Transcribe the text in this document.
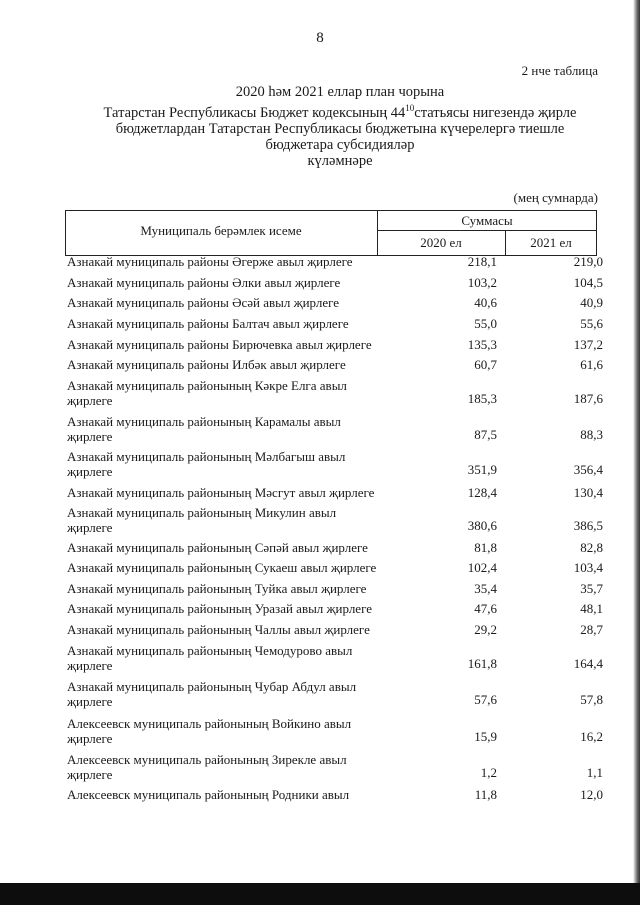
8
2 нче таблица
2020 һәм 2021 еллар план чорына
Татарстан Республикасы Бюджет кодексының $44^{10}статьясы$ нигезендә җирле
бюджетлардан Татарстан Республикасы бюджетына күчерелергә тиешле
бюджетара субсидияләр
күләмнәре
(мең сумнарда)
Муниципаль берәмлек исеме
Суммасы
2020 ел	2021 ел
Азнакай муниципаль районы Әгерже авыл җирлеге	218,1	219,0
Азнакай муниципаль районы Әлки авыл җирлеге	103,2	104,5
Азнакай муниципаль районы Әсәй авыл җирлеге	40,6	40,9
Азнакай муниципаль районы Балтач авыл җирлеге	55,0	55,6
Азнакай муниципаль районы Бирючевка авыл җирлеге	135,3	137,2
Азнакай муниципаль районы Илбәк авыл җирлеге	60,7	61,6
Азнакай муниципаль районының Кәкре Елга авыл
җирлеге	185,3	187,6
Азнакай муниципаль районының Карамалы авыл
җирлеге	87,5	88,3
Азнакай муниципаль районының Мәлбагыш авыл
җирлеге	351,9	356,4
Азнакай муниципаль районының Мәсгут авыл җирлеге	128,4	130,4
Азнакай муниципаль районының Микулин авыл
җирлеге	380,6	386,5
Азнакай муниципаль районының Сәпәй авыл җирлеге	81,8	82,8
Азнакай муниципаль районының Сукаеш авыл җирлеге	102,4	103,4
Азнакай муниципаль районының Туйка авыл җирлеге	35,4	35,7
Азнакай муниципаль районының Уразай авыл җирлеге	47,6	48,1
Азнакай муниципаль районының Чаллы авыл җирлеге	29,2	28,7
Азнакай муниципаль районының Чемодурово авыл
җирлеге	161,8	164,4
Азнакай муниципаль районының Чубар Абдул авыл
җирлеге	57,6	57,8
Алексеевск муниципаль районының Войкино авыл
җирлеге	15,9	16,2
Алексеевск муниципаль районының Зирекле авыл
җирлеге	1,2	1,1
Алексеевск муниципаль районының Родники авыл	11,8	12,0
